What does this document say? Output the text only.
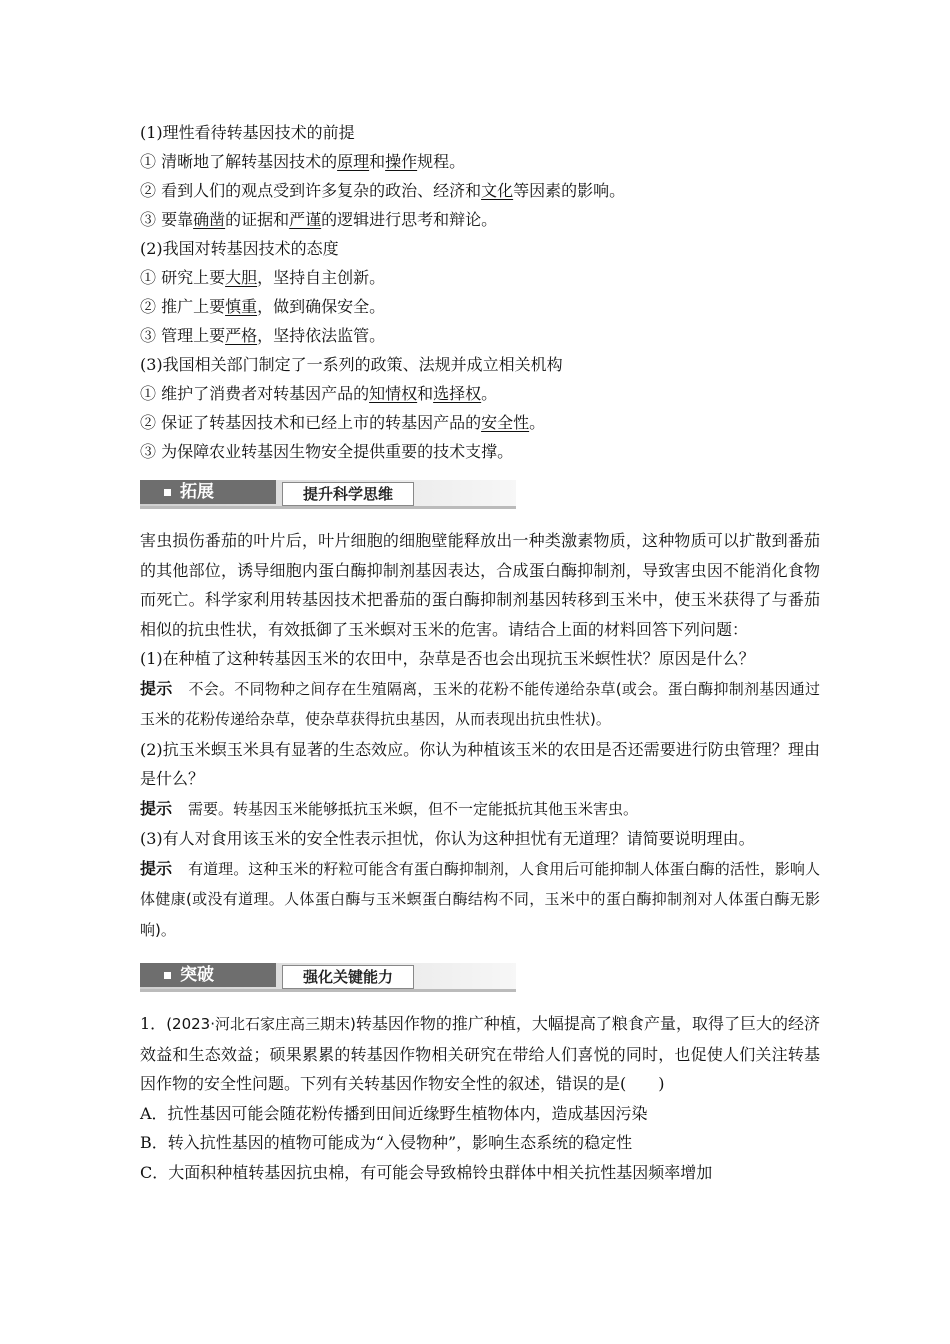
(1)理性看待转基因技术的前提
① 清晰地了解转基因技术的原理和操作规程。
② 看到人们的观点受到许多复杂的政治、经济和文化等因素的影响。
③ 要靠确凿的证据和严谨的逻辑进行思考和辩论。
(2)我国对转基因技术的态度
① 研究上要大胆，坚持自主创新。
② 推广上要慎重，做到确保安全。
③ 管理上要严格，坚持依法监管。
(3)我国相关部门制定了一系列的政策、法规并成立相关机构
① 维护了消费者对转基因产品的知情权和选择权。
② 保证了转基因技术和已经上市的转基因产品的安全性。
③ 为保障农业转基因生物安全提供重要的技术支撑。
拓展	提升科学思维
害虫损伤番茄的叶片后，叶片细胞的细胞壁能释放出一种类激素物质，这种物质可以扩散到番茄的其他部位，诱导细胞内蛋白酶抑制剂基因表达，合成蛋白酶抑制剂，导致害虫因不能消化食物而死亡。科学家利用转基因技术把番茄的蛋白酶抑制剂基因转移到玉米中，使玉米获得了与番茄相似的抗虫性状，有效抵御了玉米螟对玉米的危害。请结合上面的材料回答下列问题：
(1)在种植了这种转基因玉米的农田中，杂草是否也会出现抗玉米螟性状？原因是什么？
提示 不会。不同物种之间存在生殖隔离，玉米的花粉不能传递给杂草(或会。蛋白酶抑制剂基因通过玉米的花粉传递给杂草，使杂草获得抗虫基因，从而表现出抗虫性状)。
(2)抗玉米螟玉米具有显著的生态效应。你认为种植该玉米的农田是否还需要进行防虫管理？理由是什么？
提示 需要。转基因玉米能够抵抗玉米螟，但不一定能抵抗其他玉米害虫。
(3)有人对食用该玉米的安全性表示担忧，你认为这种担忧有无道理？请简要说明理由。
提示 有道理。这种玉米的籽粒可能含有蛋白酶抑制剂，人食用后可能抑制人体蛋白酶的活性，影响人体健康(或没有道理。人体蛋白酶与玉米螟蛋白酶结构不同，玉米中的蛋白酶抑制剂对人体蛋白酶无影响)。
突破	强化关键能力
1．(2023·河北石家庄高三期末)转基因作物的推广种植，大幅提高了粮食产量，取得了巨大的经济效益和生态效益；硕果累累的转基因作物相关研究在带给人们喜悦的同时，也促使人们关注转基因作物的安全性问题。下列有关转基因作物安全性的叙述，错误的是(　　)
A．抗性基因可能会随花粉传播到田间近缘野生植物体内，造成基因污染
B．转入抗性基因的植物可能成为“入侵物种”，影响生态系统的稳定性
C．大面积种植转基因抗虫棉，有可能会导致棉铃虫群体中相关抗性基因频率增加
